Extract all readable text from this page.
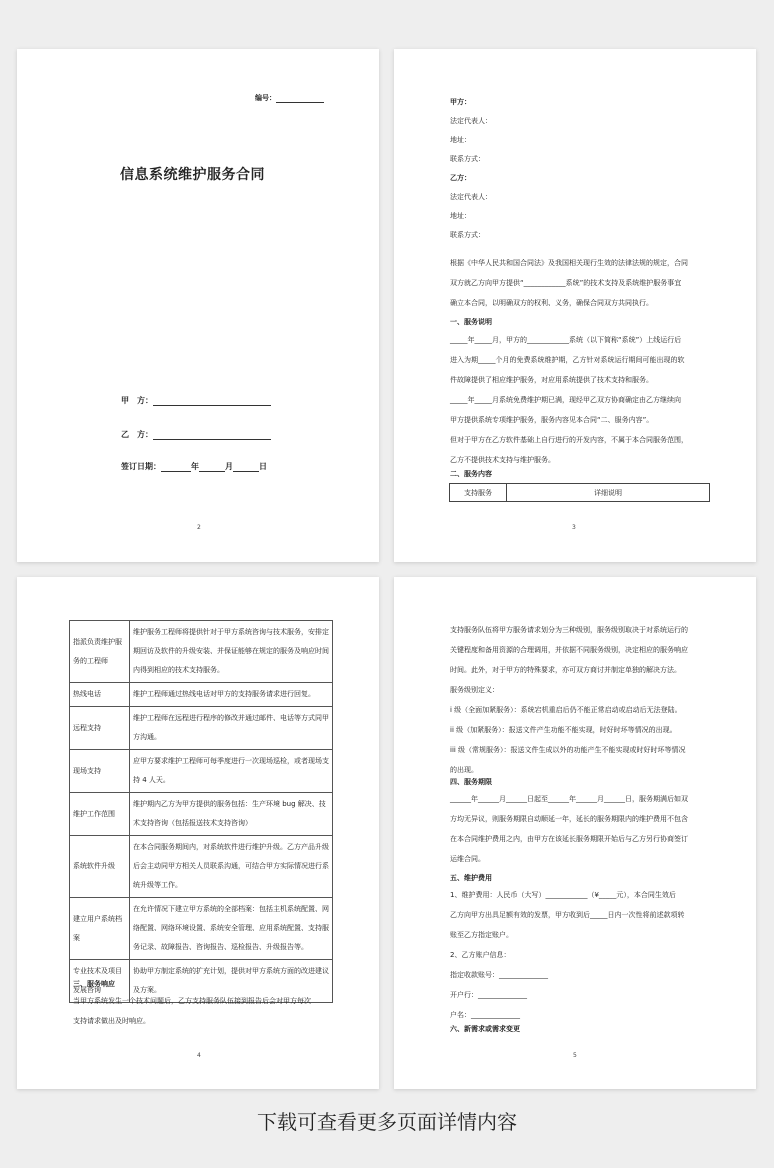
编号：
信息系统维护服务合同
甲　方：
乙　方：
签订日期：	年	月	日
2
甲方：
法定代表人：
地址：
联系方式：
乙方：
法定代表人：
地址：
联系方式：
根据《中华人民共和国合同法》及我国相关现行生效的法律法规的规定，合同
双方就乙方向甲方提供“____________系统”的技术支持及系统维护服务事宜
确立本合同，以明确双方的权利、义务，确保合同双方共同执行。
一、服务说明
_____年_____月，甲方的____________系统（以下简称“系统”）上线运行后
进入为期_____个月的免费系统维护期，乙方针对系统运行期间可能出现的软
件故障提供了相应维护服务，对应用系统提供了技术支持和服务。
_____年_____月系统免费维护期已满，现经甲乙双方协商确定由乙方继续向
甲方提供系统专项维护服务，服务内容见本合同“二、服务内容”。
但对于甲方在乙方软件基础上自行进行的开发内容，不属于本合同服务范围，
乙方不提供技术支持与维护服务。
二、服务内容
支持服务	详细说明
3
指派负责维护服务的工程师	维护服务工程师将提供针对于甲方系统咨询与技术服务，安排定期回访及软件的升级安装、并保证能够在规定的服务及响应时间内得到相应的技术支持服务。
热线电话	维护工程师通过热线电话对甲方的支持服务请求进行回复。
远程支持	维护工程师在远程进行程序的修改并通过邮件、电话等方式同甲方沟通。
现场支持	应甲方要求维护工程师可每季度进行一次现场巡检，或者现场支持 4 人天。
维护工作范围	维护期内乙方为甲方提供的服务包括：生产环境 bug 解决、技术支持咨询（包括报送技术支持咨询）
系统软件升级	在本合同服务期间内，对系统软件进行维护升级。乙方产品升级后会主动同甲方相关人员联系沟通，可结合甲方实际情况进行系统升级等工作。
建立用户系统档案	在允许情况下建立甲方系统的全部档案：包括主机系统配置、网络配置、网络环境设置、系统安全管理、应用系统配置、支持服务记录、故障报告、咨询报告、巡检报告、升级报告等。
专业技术及项目发展咨询	协助甲方制定系统的扩充计划，提供对甲方系统方面的改进建议及方案。
三、服务响应
当甲方系统发生一个技术问题后，乙方支持服务队伍接到报告后会对甲方每次
支持请求做出及时响应。
4
支持服务队伍将甲方服务请求划分为三种级别，服务级别取决于对系统运行的
关键程度和备用资源的合理调用，并依据不同服务级别，决定相应的服务响应
时间。此外，对于甲方的特殊要求，亦可双方商讨并制定单独的解决方法。
服务级别定义：
i 级（全面加紧服务）：系统宕机重启后仍不能正常启动或启动后无法登陆。
ii 级（加紧服务）：报送文件产生功能不能实现，时好时坏等情况的出现。
iii 级（常规服务）：报送文件生成以外的功能产生不能实现或时好时坏等情况
的出现。
四、服务期限
______年______月______日起至______年______月______日，服务期满后如双
方均无异议，则服务期限自动顺延一年，延长的服务期限内的维护费用不包含
在本合同维护费用之内，由甲方在该延长服务期限开始后与乙方另行协商签订
运维合同。
五、维护费用
1、维护费用：人民币（大写）____________（¥_____元），本合同生效后
乙方向甲方出具足额有效的发票，甲方收到后_____日内一次性将前述款项转
账至乙方指定账户。
2、乙方账户信息：
指定收款账号：______________
开户行：______________
户名：______________
六、新需求或需求变更
5
下载可查看更多页面详情内容
